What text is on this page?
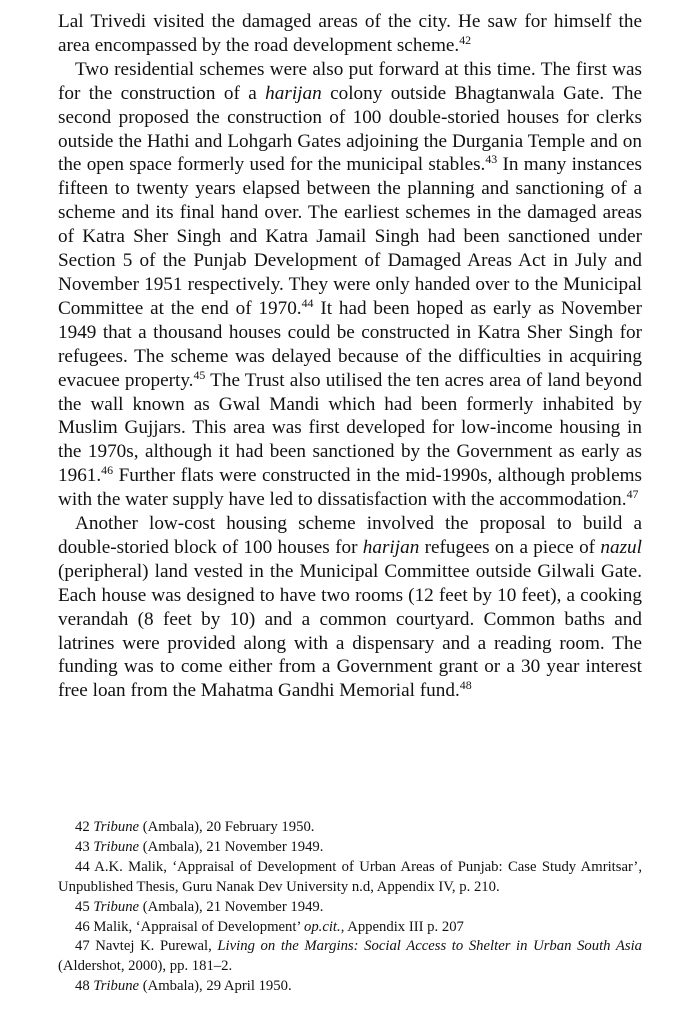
Lal Trivedi visited the damaged areas of the city. He saw for himself the area encompassed by the road development scheme.$^{42}$

Two residential schemes were also put forward at this time. The first was for the construction of a harijan colony outside Bhagtanwala Gate. The second proposed the construction of 100 double-storied houses for clerks outside the Hathi and Lohgarh Gates adjoining the Durgania Temple and on the open space formerly used for the municipal stables.$^{43}$ In many instances fifteen to twenty years elapsed between the planning and sanctioning of a scheme and its final hand over. The earliest schemes in the damaged areas of Katra Sher Singh and Katra Jamail Singh had been sanctioned under Section 5 of the Punjab Development of Damaged Areas Act in July and November 1951 respectively. They were only handed over to the Municipal Committee at the end of 1970.44 It had been hoped as early as November 1949 that a thousand houses could be constructed in Katra Sher Singh for refugees. The scheme was delayed because of the difficulties in acquiring evacuee property.$^{45}$ The Trust also utilised the ten acres area of land beyond the wall known as Gwal Mandi which had been formerly inhabited by Muslim Gujjars. This area was first developed for low-income housing in the 1970s, although it had been sanctioned by the Government as early as 1961.46 Further flats were constructed in the mid-1990s, although problems with the water supply have led to dissatisfaction with the accommodation.$^{47}$

Another low-cost housing scheme involved the proposal to build a double-storied block of 100 houses for harijan refugees on a piece of nazul (peripheral) land vested in the Municipal Committee outside Gilwali Gate. Each house was designed to have two rooms (12 feet by 10 feet), a cooking verandah (8 feet by 10) and a common courtyard. Common baths and latrines were provided along with a dispensary and a reading room. The funding was to come either from a Government grant or a 30 year interest free loan from the Mahatma Gandhi Memorial fund.$^{48}$

42 Tribune (Ambala), 20 February 1950.

43 Tribune (Ambala), 21 November 1949.

44 A.K. Malik, ‘Appraisal of Development of Urban Areas of Punjab: Case Study Amritsar’, Unpublished Thesis, Guru Nanak Dev University n.d, Appendix IV, p. 210.

45 Tribune (Ambala), 21 November 1949.

46 Malik, ‘Appraisal of Development’ op.cit., Appendix III p. 207

47 Navtej K. Purewal, Living on the Margins: Social Access to Shelter in Urban South Asia (Aldershot, 2000), pp. 181–2.

48 Tribune (Ambala), 29 April 1950.
